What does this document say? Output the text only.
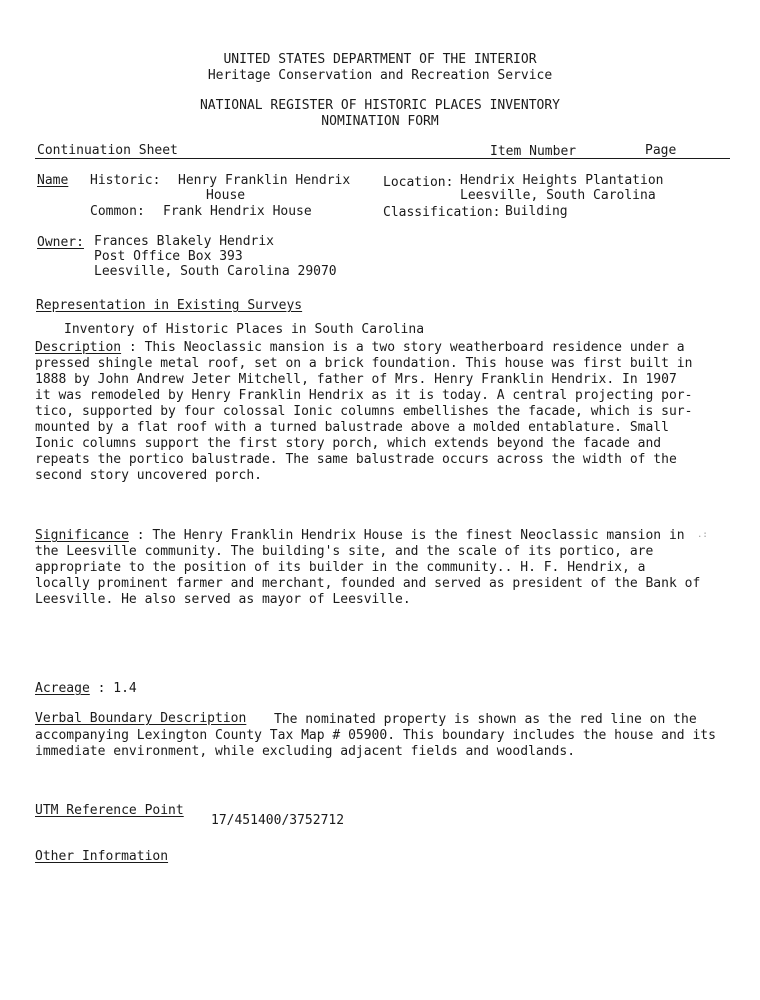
UNITED STATES DEPARTMENT OF THE INTERIOR
Heritage Conservation and Recreation Service
NATIONAL REGISTER OF HISTORIC PLACES INVENTORY
NOMINATION FORM
Continuation Sheet	Item Number	Page
Name Historic: Henry Franklin Hendrix
House
Common: Frank Hendrix House
Location: Hendrix Heights Plantation
Leesville, South Carolina
Classification: Building
Owner: Frances Blakely Hendrix
Post Office Box 393
Leesville, South Carolina 29070
Representation in Existing Surveys
Inventory of Historic Places in South Carolina
Description : This Neoclassic mansion is a two story weatherboard residence under a
pressed shingle metal roof, set on a brick foundation. This house was first built in
1888 by John Andrew Jeter Mitchell, father of Mrs. Henry Franklin Hendrix. In 1907
it was remodeled by Henry Franklin Hendrix as it is today. A central projecting por-
tico, supported by four colossal Ionic columns embellishes the facade, which is sur-
mounted by a flat roof with a turned balustrade above a molded entablature. Small
Ionic columns support the first story porch, which extends beyond the facade and
repeats the portico balustrade. The same balustrade occurs across the width of the
second story uncovered porch.
Significance : The Henry Franklin Hendrix House is the finest Neoclassic mansion in
the Leesville community. The building's site, and the scale of its portico, are
appropriate to the position of its builder in the community.. H. F. Hendrix, a
locally prominent farmer and merchant, founded and served as president of the Bank of
Leesville. He also served as mayor of Leesville.
.:
Acreage : 1.4
Verbal Boundary Description The nominated property is shown as the red line on the
accompanying Lexington County Tax Map # 05900. This boundary includes the house and its
immediate environment, while excluding adjacent fields and woodlands.
UTM Reference Point
17/451400/3752712
Other Information
